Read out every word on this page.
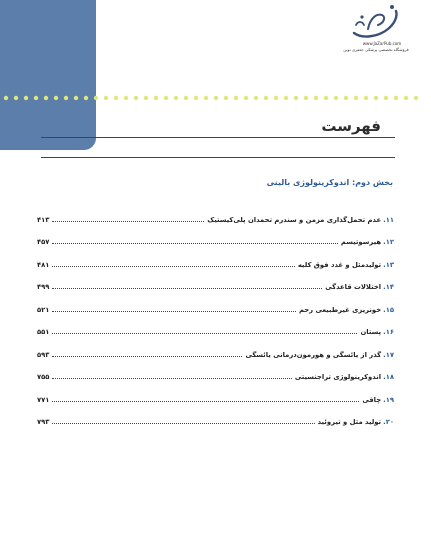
www.JaZarPub.com
فروشگاه تخصصی پزشکی جعفری نوین
فهرست
بخش دوم: اندوکرینولوژی بالینی
۱۱.
عدم تحمل‌گذاری مزمن و سندرم تحمدان پلی‌کیستیک
۴۱۳
۱۲.
هیرسوتیسم
۴۵۷
۱۳.
تولیدمثل و غدد فوق کلیه
۴۸۱
۱۴.
اختلالات قاعدگی
۴۹۹
۱۵.
خونریزی غیرطبیعی رحم
۵۲۱
۱۶.
پستان
۵۵۱
۱۷.
گذر از یائسگی و هورمون‌درمانی یائسگی
۵۹۳
۱۸.
اندوکرینولوژی تراجنسیتی
۷۵۵
۱۹.
چاقی
۷۷۱
۲۰.
تولید مثل و تیروئید
۷۹۳
